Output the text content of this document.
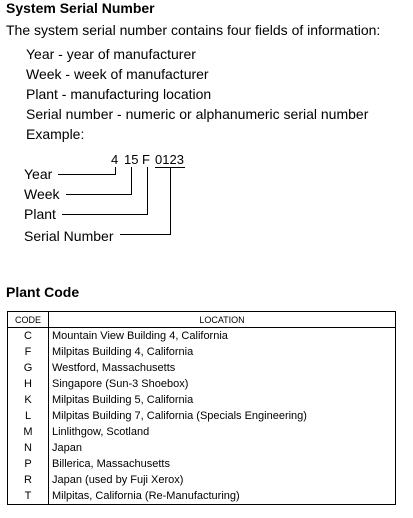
System Serial Number
The system serial number contains four fields of information:
Year - year of manufacturer
Week - week of manufacturer
Plant - manufacturing location
Serial number - numeric or alphanumeric serial number
Example:
4 15 F 0123
Year
Week
Plant
Serial Number
Plant Code
CODE	LOCATION
C	Mountain View Building 4, California
F	Milpitas Building 4, California
G	Westford, Massachusetts
H	Singapore (Sun-3 Shoebox)
K	Milpitas Building 5, California
L	Milpitas Building 7, California (Specials Engineering)
M	Linlithgow, Scotland
N	Japan
P	Billerica, Massachusetts
R	Japan (used by Fuji Xerox)
T	Milpitas, California (Re-Manufacturing)
